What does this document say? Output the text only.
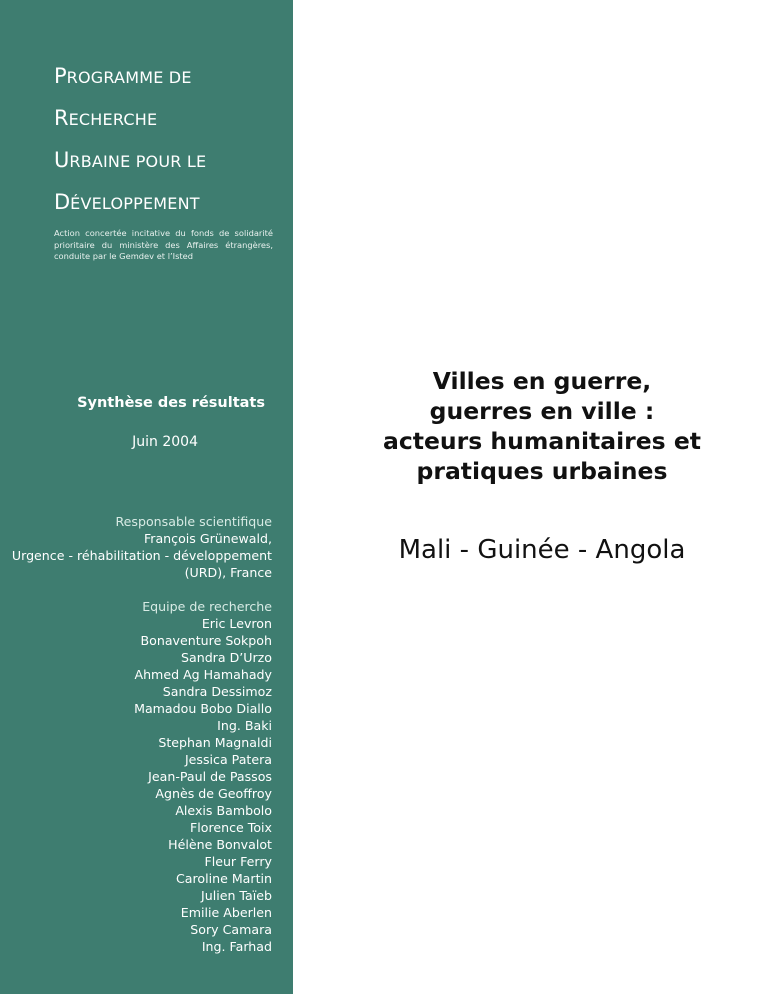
PROGRAMME DE
RECHERCHE
URBAINE POUR LE
DÉVELOPPEMENT

Action concertée incitative du fonds de solidarité prioritaire du ministère des Affaires étrangères, conduite par le Gemdev et l’Isted

Synthèse des résultats

Juin 2004

Responsable scientifique
François Grünewald,
Urgence - réhabilitation - développement
(URD), France
Equipe de recherche
Eric Levron
Bonaventure Sokpoh
Sandra D’Urzo
Ahmed Ag Hamahady
Sandra Dessimoz
Mamadou Bobo Diallo
Ing. Baki
Stephan Magnaldi
Jessica Patera
Jean-Paul de Passos
Agnès de Geoffroy
Alexis Bambolo
Florence Toix
Hélène Bonvalot
Fleur Ferry
Caroline Martin
Julien Taïeb
Emilie Aberlen
Sory Camara
Ing. Farhad
Villes en guerre,
guerres en ville :
acteurs humanitaires et
pratiques urbaines

Mali - Guinée - Angola
